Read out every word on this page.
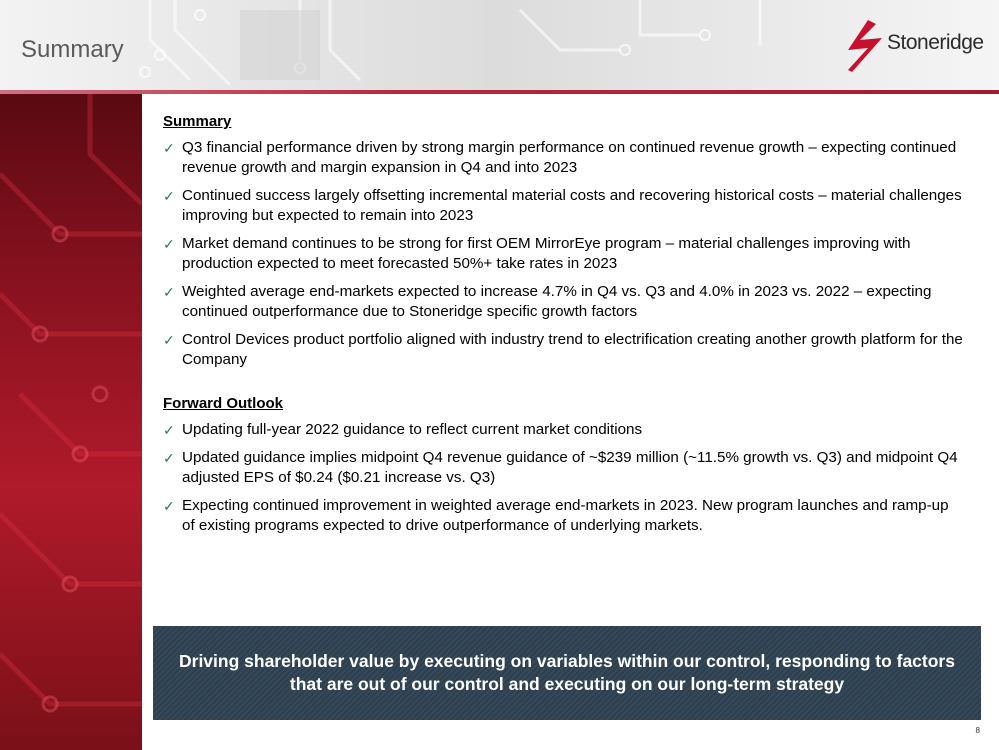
Summary	Stoneridge
Summary
✓ Q3 financial performance driven by strong margin performance on continued revenue growth – expecting continued revenue growth and margin expansion in Q4 and into 2023
✓ Continued success largely offsetting incremental material costs and recovering historical costs – material challenges improving but expected to remain into 2023
✓ Market demand continues to be strong for first OEM MirrorEye program – material challenges improving with production expected to meet forecasted 50%+ take rates in 2023
✓ Weighted average end-markets expected to increase 4.7% in Q4 vs. Q3 and 4.0% in 2023 vs. 2022 – expecting continued outperformance due to Stoneridge specific growth factors
✓ Control Devices product portfolio aligned with industry trend to electrification creating another growth platform for the Company
Forward Outlook
✓ Updating full-year 2022 guidance to reflect current market conditions
✓ Updated guidance implies midpoint Q4 revenue guidance of ~$239 million (~11.5% growth vs. Q3) and midpoint Q4 adjusted EPS of $0.24 ($0.21 increase vs. Q3)
✓ Expecting continued improvement in weighted average end-markets in 2023. New program launches and ramp-up of existing programs expected to drive outperformance of underlying markets.
Driving shareholder value by executing on variables within our control, responding to factors that are out of our control and executing on our long-term strategy
8
